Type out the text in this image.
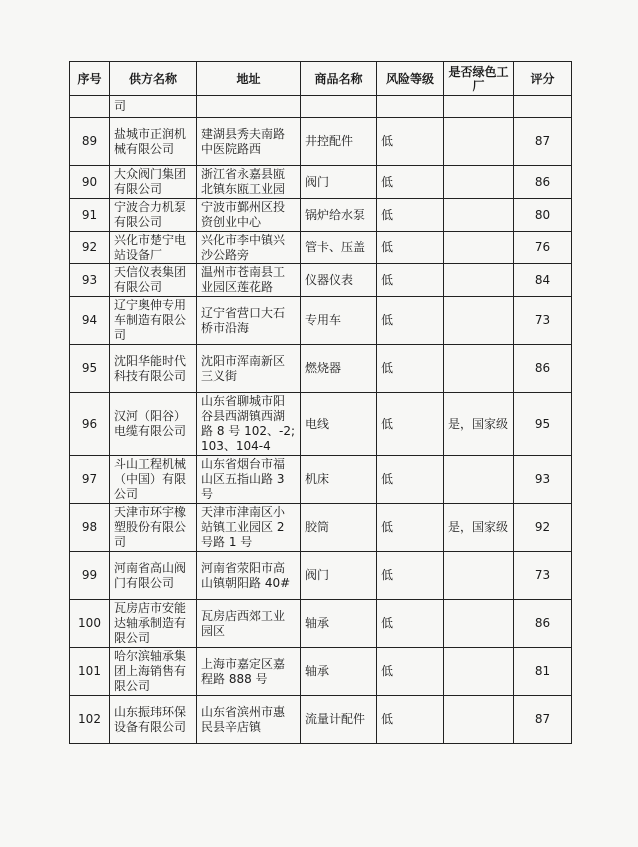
序号	供方名称	地址	商品名称	风险等级	是否绿色工厂	评分
	司					
89	盐城市正润机械有限公司	建湖县秀夫南路中医院路西	井控配件	低		87
90	大众阀门集团有限公司	浙江省永嘉县瓯北镇东瓯工业园	阀门	低		86
91	宁波合力机泵有限公司	宁波市鄞州区投资创业中心	锅炉给水泵	低		80
92	兴化市楚宁电站设备厂	兴化市李中镇兴沙公路旁	管卡、压盖	低		76
93	天信仪表集团有限公司	温州市苍南县工业园区莲花路	仪器仪表	低		84
94	辽宁奥伸专用车制造有限公司	辽宁省营口大石桥市沿海	专用车	低		73
95	沈阳华能时代科技有限公司	沈阳市浑南新区三义街	燃烧器	低		86
96	汉河（阳谷）电缆有限公司	山东省聊城市阳谷县西湖镇西湖路 8 号 102、-2;103、104-4	电线	低	是，国家级	95
97	斗山工程机械（中国）有限公司	山东省烟台市福山区五指山路 3 号	机床	低		93
98	天津市环宇橡塑股份有限公司	天津市津南区小站镇工业园区 2 号路 1 号	胶筒	低	是，国家级	92
99	河南省高山阀门有限公司	河南省荥阳市高山镇朝阳路 40#	阀门	低		73
100	瓦房店市安能达轴承制造有限公司	瓦房店西郊工业园区	轴承	低		86
101	哈尔滨轴承集团上海销售有限公司	上海市嘉定区嘉程路 888 号	轴承	低		81
102	山东振玮环保设备有限公司	山东省滨州市惠民县辛店镇	流量计配件	低		87
